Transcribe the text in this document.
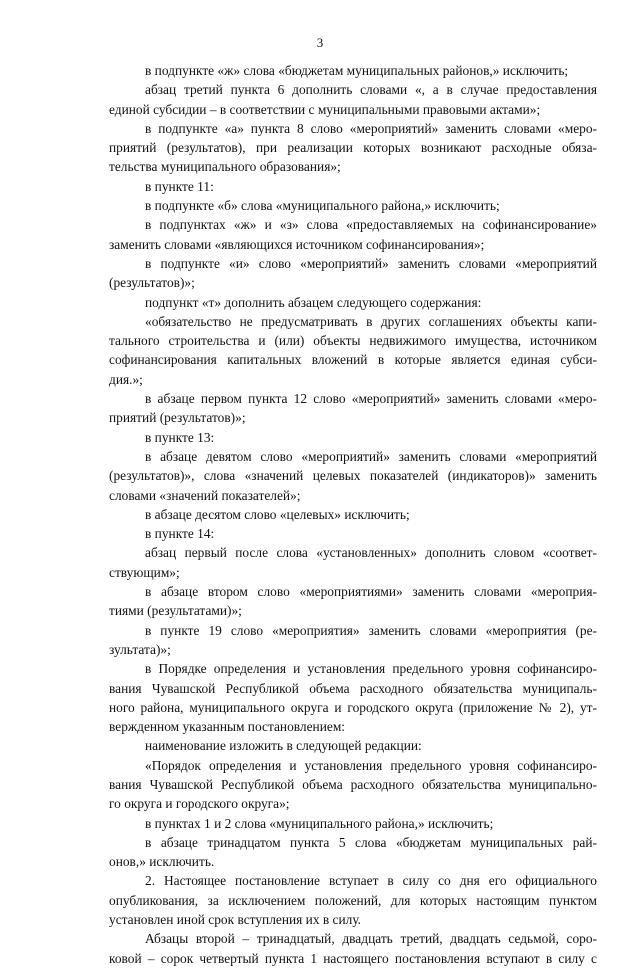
3
в подпункте «ж» слова «бюджетам муниципальных районов,» исключить;
абзац третий пункта 6 дополнить словами «, а в случае предоставления
единой субсидии – в соответствии с муниципальными правовыми актами»;
в подпункте «а» пункта 8 слово «мероприятий» заменить словами «меро-
приятий (результатов), при реализации которых возникают расходные обяза-
тельства муниципального образования»;
в пункте 11:
в подпункте «б» слова «муниципального района,» исключить;
в подпунктах «ж» и «з» слова «предоставляемых на софинансирование»
заменить словами «являющихся источником софинансирования»;
в подпункте «и» слово «мероприятий» заменить словами «мероприятий
(результатов)»;
подпункт «т» дополнить абзацем следующего содержания:
«обязательство не предусматривать в других соглашениях объекты капи-
тального строительства и (или) объекты недвижимого имущества, источником
софинансирования капитальных вложений в которые является единая субси-
дия.»;
в абзаце первом пункта 12 слово «мероприятий» заменить словами «меро-
приятий (результатов)»;
в пункте 13:
в абзаце девятом слово «мероприятий» заменить словами «мероприятий
(результатов)», слова «значений целевых показателей (индикаторов)» заменить
словами «значений показателей»;
в абзаце десятом слово «целевых» исключить;
в пункте 14:
абзац первый после слова «установленных» дополнить словом «соответ-
ствующим»;
в абзаце втором слово «мероприятиями» заменить словами «мероприя-
тиями (результатами)»;
в пункте 19 слово «мероприятия» заменить словами «мероприятия (ре-
зультата)»;
в Порядке определения и установления предельного уровня софинансиро-
вания Чувашской Республикой объема расходного обязательства муниципаль-
ного района, муниципального округа и городского округа (приложение № 2), ут-
вержденном указанным постановлением:
наименование изложить в следующей редакции:
«Порядок определения и установления предельного уровня софинансиро-
вания Чувашской Республикой объема расходного обязательства муниципально-
го округа и городского округа»;
в пунктах 1 и 2 слова «муниципального района,» исключить;
в абзаце тринадцатом пункта 5 слова «бюджетам муниципальных рай-
онов,» исключить.
2. Настоящее постановление вступает в силу со дня его официального
опубликования, за исключением положений, для которых настоящим пунктом
установлен иной срок вступления их в силу.
Абзацы второй – тринадцатый, двадцать третий, двадцать седьмой, соро-
ковой – сорок четвертый пункта 1 настоящего постановления вступают в силу с
